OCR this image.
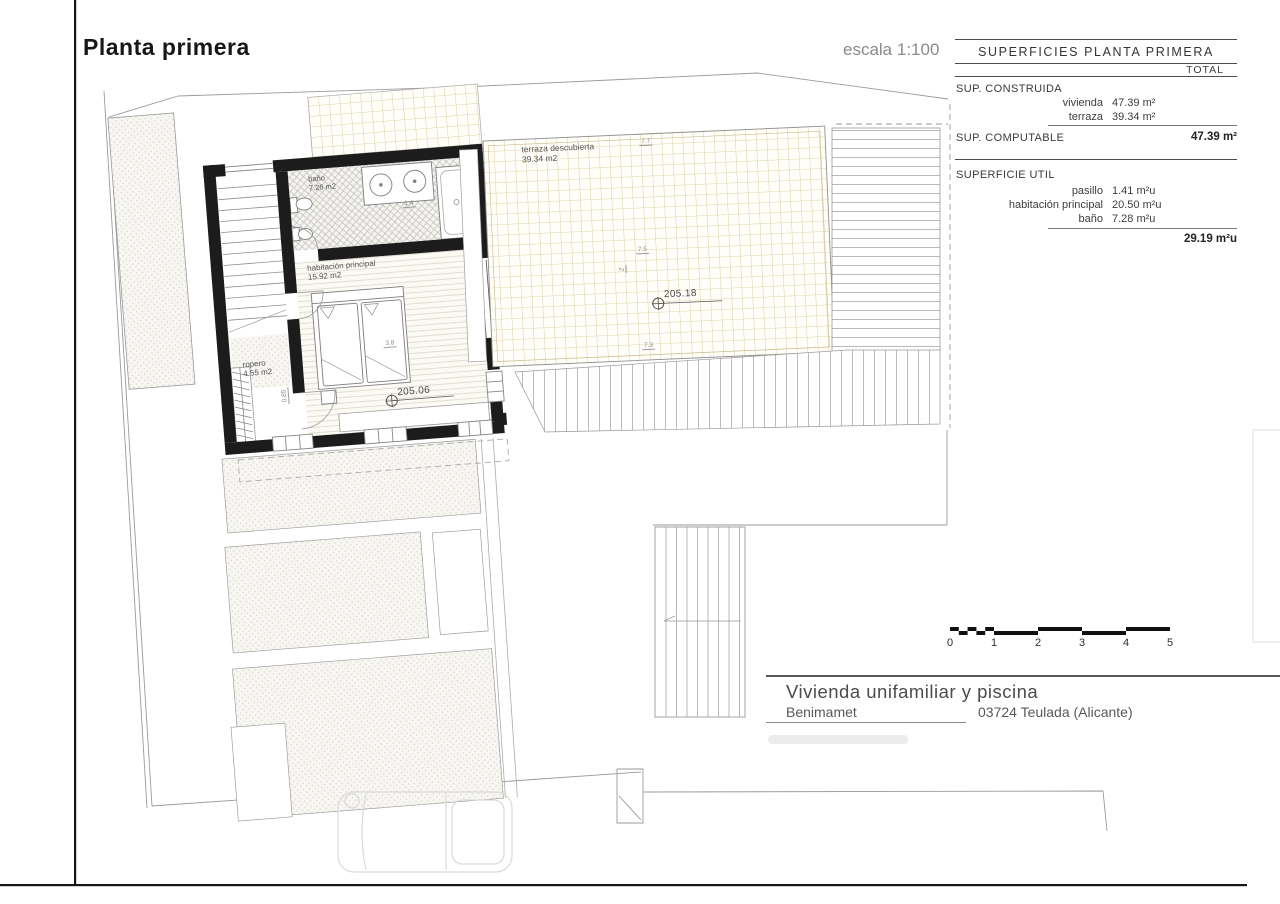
Planta primera	escala 1:100	SUPERFICIES PLANTA PRIMERA
TOTAL
SUP. CONSTRUIDA
vivienda 47.39 m²
terraza 39.34 m²
SUP. COMPUTABLE	47.39 m²
SUPERFICIE UTIL
pasillo 1.41 m²u
habitación principal 20.50 m²u
baño 7.28 m²u
29.19 m²u
baño
7.26 m2
habitación principal
15.92 m2
ropero
4.55 m2
205.06
3.8
1.4
0.85
terraza descubierta
39.34 m2
205.18
7.7
7.5
2
7.3
0	1	2	3	4	5
Vivienda unifamiliar y piscina
Benimamet	03724 Teulada (Alicante)
